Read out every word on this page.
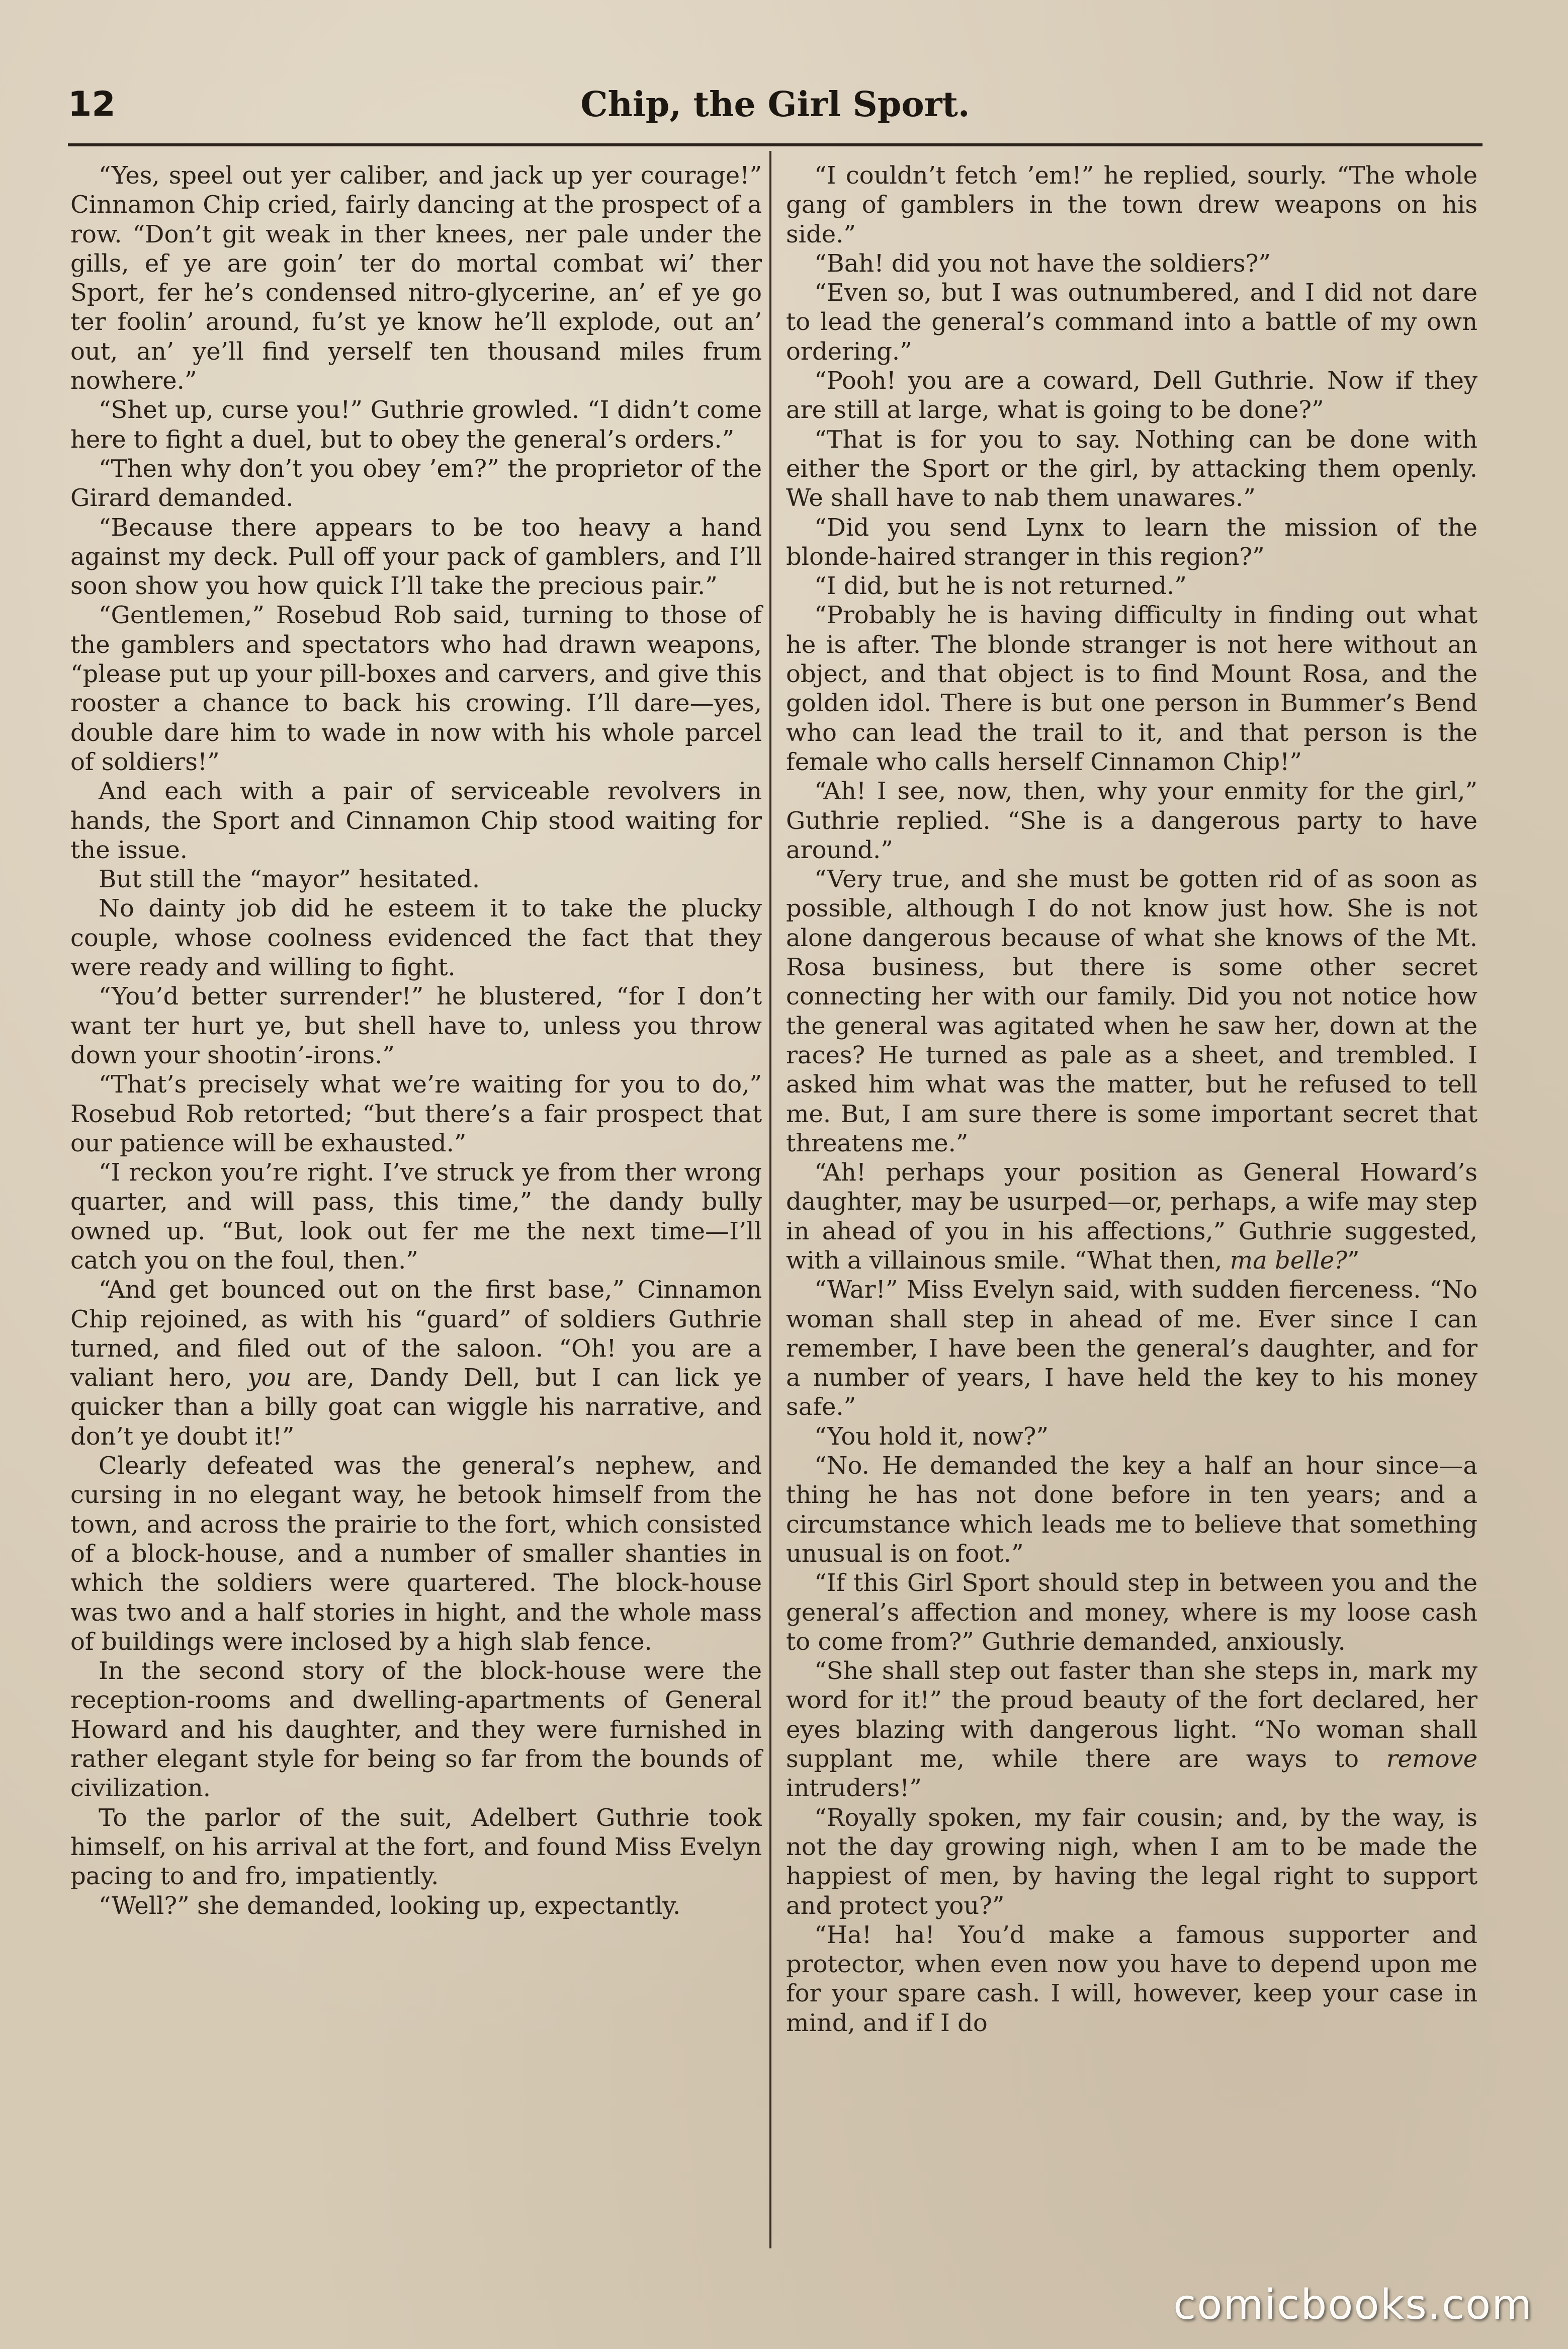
12	Chip, the Girl Sport.

“Yes, speel out yer caliber, and jack up yer courage!” Cinnamon Chip cried, fairly dancing at the prospect of a row. “Don’t git weak in ther knees, ner pale under the gills, ef ye are goin’ ter do mortal combat wi’ ther Sport, fer he’s condensed nitro-glycerine, an’ ef ye go ter foolin’ around, fu’st ye know he’ll explode, out an’ out, an’ ye’ll find yerself ten thousand miles frum nowhere.”

“Shet up, curse you!” Guthrie growled. “I didn’t come here to fight a duel, but to obey the general’s orders.”

“Then why don’t you obey ’em?” the proprietor of the Girard demanded.

“Because there appears to be too heavy a hand against my deck. Pull off your pack of gamblers, and I’ll soon show you how quick I’ll take the precious pair.”

“Gentlemen,” Rosebud Rob said, turning to those of the gamblers and spectators who had drawn weapons, “please put up your pill-boxes and carvers, and give this rooster a chance to back his crowing. I’ll dare—yes, double dare him to wade in now with his whole parcel of soldiers!”

And each with a pair of serviceable revolvers in hands, the Sport and Cinnamon Chip stood waiting for the issue.

But still the “mayor” hesitated.

No dainty job did he esteem it to take the plucky couple, whose coolness evidenced the fact that they were ready and willing to fight.

“You’d better surrender!” he blustered, “for I don’t want ter hurt ye, but shell have to, unless you throw down your shootin’-irons.”

“That’s precisely what we’re waiting for you to do,” Rosebud Rob retorted; “but there’s a fair prospect that our patience will be exhausted.”

“I reckon you’re right. I’ve struck ye from ther wrong quarter, and will pass, this time,” the dandy bully owned up. “But, look out fer me the next time—I’ll catch you on the foul, then.”

“And get bounced out on the first base,” Cinnamon Chip rejoined, as with his “guard” of soldiers Guthrie turned, and filed out of the saloon. “Oh! you are a valiant hero, you are, Dandy Dell, but I can lick ye quicker than a billy goat can wiggle his narrative, and don’t ye doubt it!”

Clearly defeated was the general’s nephew, and cursing in no elegant way, he betook himself from the town, and across the prairie to the fort, which consisted of a block-house, and a number of smaller shanties in which the soldiers were quartered. The block-house was two and a half stories in hight, and the whole mass of buildings were inclosed by a high slab fence.

In the second story of the block-house were the reception-rooms and dwelling-apartments of General Howard and his daughter, and they were furnished in rather elegant style for being so far from the bounds of civilization.

To the parlor of the suit, Adelbert Guthrie took himself, on his arrival at the fort, and found Miss Evelyn pacing to and fro, impatiently.

“Well?” she demanded, looking up, expectantly.

“I couldn’t fetch ’em!” he replied, sourly. “The whole gang of gamblers in the town drew weapons on his side.”

“Bah! did you not have the soldiers?”

“Even so, but I was outnumbered, and I did not dare to lead the general’s command into a battle of my own ordering.”

“Pooh! you are a coward, Dell Guthrie. Now if they are still at large, what is going to be done?”

“That is for you to say. Nothing can be done with either the Sport or the girl, by attacking them openly. We shall have to nab them unawares.”

“Did you send Lynx to learn the mission of the blonde-haired stranger in this region?”

“I did, but he is not returned.”

“Probably he is having difficulty in finding out what he is after. The blonde stranger is not here without an object, and that object is to find Mount Rosa, and the golden idol. There is but one person in Bummer’s Bend who can lead the trail to it, and that person is the female who calls herself Cinnamon Chip!”

“Ah! I see, now, then, why your enmity for the girl,” Guthrie replied. “She is a dangerous party to have around.”

“Very true, and she must be gotten rid of as soon as possible, although I do not know just how. She is not alone dangerous because of what she knows of the Mt. Rosa business, but there is some other secret connecting her with our family. Did you not notice how the general was agitated when he saw her, down at the races? He turned as pale as a sheet, and trembled. I asked him what was the matter, but he refused to tell me. But, I am sure there is some important secret that threatens me.”

“Ah! perhaps your position as General Howard’s daughter, may be usurped—or, perhaps, a wife may step in ahead of you in his affections,” Guthrie suggested, with a villainous smile. “What then, ma belle?”

“War!” Miss Evelyn said, with sudden fierceness. “No woman shall step in ahead of me. Ever since I can remember, I have been the general’s daughter, and for a number of years, I have held the key to his money safe.”

“You hold it, now?”

“No. He demanded the key a half an hour since—a thing he has not done before in ten years; and a circumstance which leads me to believe that something unusual is on foot.”

“If this Girl Sport should step in between you and the general’s affection and money, where is my loose cash to come from?” Guthrie demanded, anxiously.

“She shall step out faster than she steps in, mark my word for it!” the proud beauty of the fort declared, her eyes blazing with dangerous light. “No woman shall supplant me, while there are ways to remove intruders!”

“Royally spoken, my fair cousin; and, by the way, is not the day growing nigh, when I am to be made the happiest of men, by having the legal right to support and protect you?”

“Ha! ha! You’d make a famous supporter and protector, when even now you have to depend upon me for your spare cash. I will, however, keep your case in mind, and if I do

comicbooks.com
